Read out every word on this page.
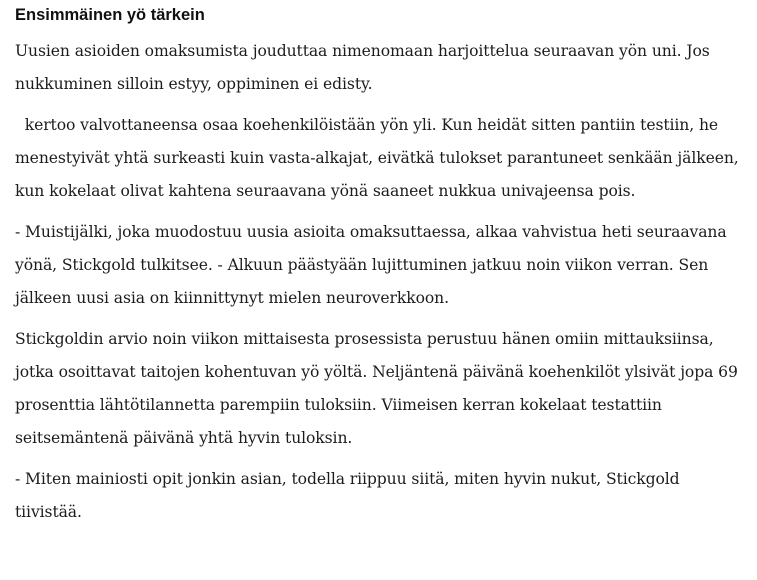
Ensimmäinen yö tärkein

Uusien asioiden omaksumista jouduttaa nimenomaan harjoittelua seuraavan yön uni. Jos nukkuminen silloin estyy, oppiminen ei edisty.

kertoo valvottaneensa osaa koehenkilöistään yön yli. Kun heidät sitten pantiin testiin, he menestyivät yhtä surkeasti kuin vasta-alkajat, eivätkä tulokset parantuneet senkään jälkeen, kun kokelaat olivat kahtena seuraavana yönä saaneet nukkua univajeensa pois.

- Muistijälki, joka muodostuu uusia asioita omaksuttaessa, alkaa vahvistua heti seuraavana yönä, Stickgold tulkitsee. - Alkuun päästyään lujittuminen jatkuu noin viikon verran. Sen jälkeen uusi asia on kiinnittynyt mielen neuroverkkoon.

Stickgoldin arvio noin viikon mittaisesta prosessista perustuu hänen omiin mittauksiinsa, jotka osoittavat taitojen kohentuvan yö yöltä. Neljäntenä päivänä koehenkilöt ylsivät jopa 69 prosenttia lähtötilannetta parempiin tuloksiin. Viimeisen kerran kokelaat testattiin seitsemäntenä päivänä yhtä hyvin tuloksin.

- Miten mainiosti opit jonkin asian, todella riippuu siitä, miten hyvin nukut, Stickgold tiivistää.
